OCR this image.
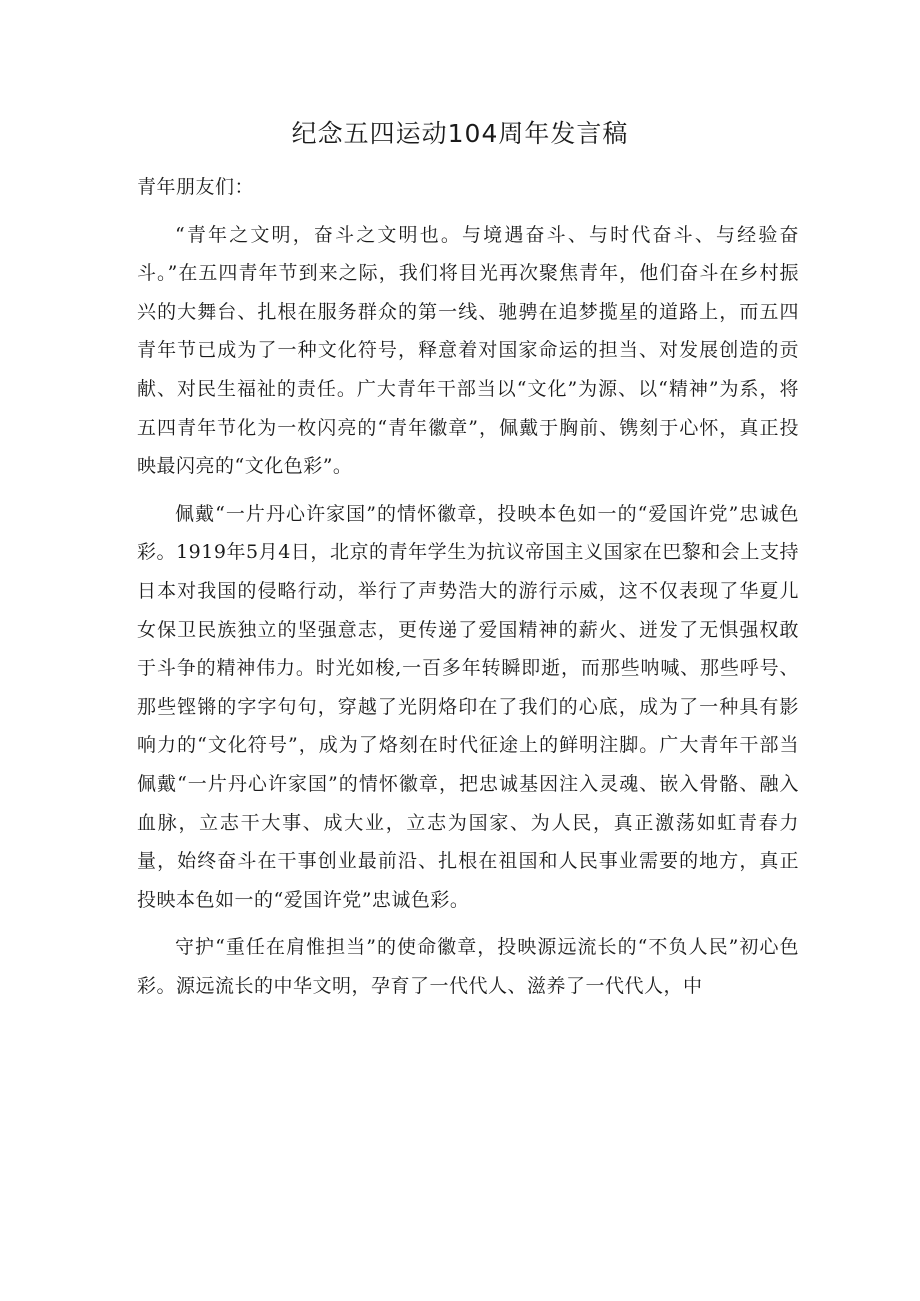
纪念五四运动104周年发言稿

青年朋友们：

“青年之文明，奋斗之文明也。与境遇奋斗、与时代奋斗、与经验奋斗。”在五四青年节到来之际，我们将目光再次聚焦青年，他们奋斗在乡村振兴的大舞台、扎根在服务群众的第一线、驰骋在追梦揽星的道路上，而五四青年节已成为了一种文化符号，释意着对国家命运的担当、对发展创造的贡献、对民生福祉的责任。广大青年干部当以“文化”为源、以“精神”为系，将五四青年节化为一枚闪亮的“青年徽章”，佩戴于胸前、镌刻于心怀，真正投映最闪亮的“文化色彩”。

佩戴“一片丹心许家国”的情怀徽章，投映本色如一的“爱国许党”忠诚色彩。1919年5月4日，北京的青年学生为抗议帝国主义国家在巴黎和会上支持日本对我国的侵略行动，举行了声势浩大的游行示威，这不仅表现了华夏儿女保卫民族独立的坚强意志，更传递了爱国精神的薪火、迸发了无惧强权敢于斗争的精神伟力。时光如梭,一百多年转瞬即逝，而那些呐喊、那些呼号、那些铿锵的字字句句，穿越了光阴烙印在了我们的心底，成为了一种具有影响力的“文化符号”，成为了烙刻在时代征途上的鲜明注脚。广大青年干部当佩戴“一片丹心许家国”的情怀徽章，把忠诚基因注入灵魂、嵌入骨骼、融入血脉，立志干大事、成大业，立志为国家、为人民，真正激荡如虹青春力量，始终奋斗在干事创业最前沿、扎根在祖国和人民事业需要的地方，真正投映本色如一的“爱国许党”忠诚色彩。

守护“重任在肩惟担当”的使命徽章，投映源远流长的“不负人民”初心色彩。源远流长的中华文明，孕育了一代代人、滋养了一代代人，中
